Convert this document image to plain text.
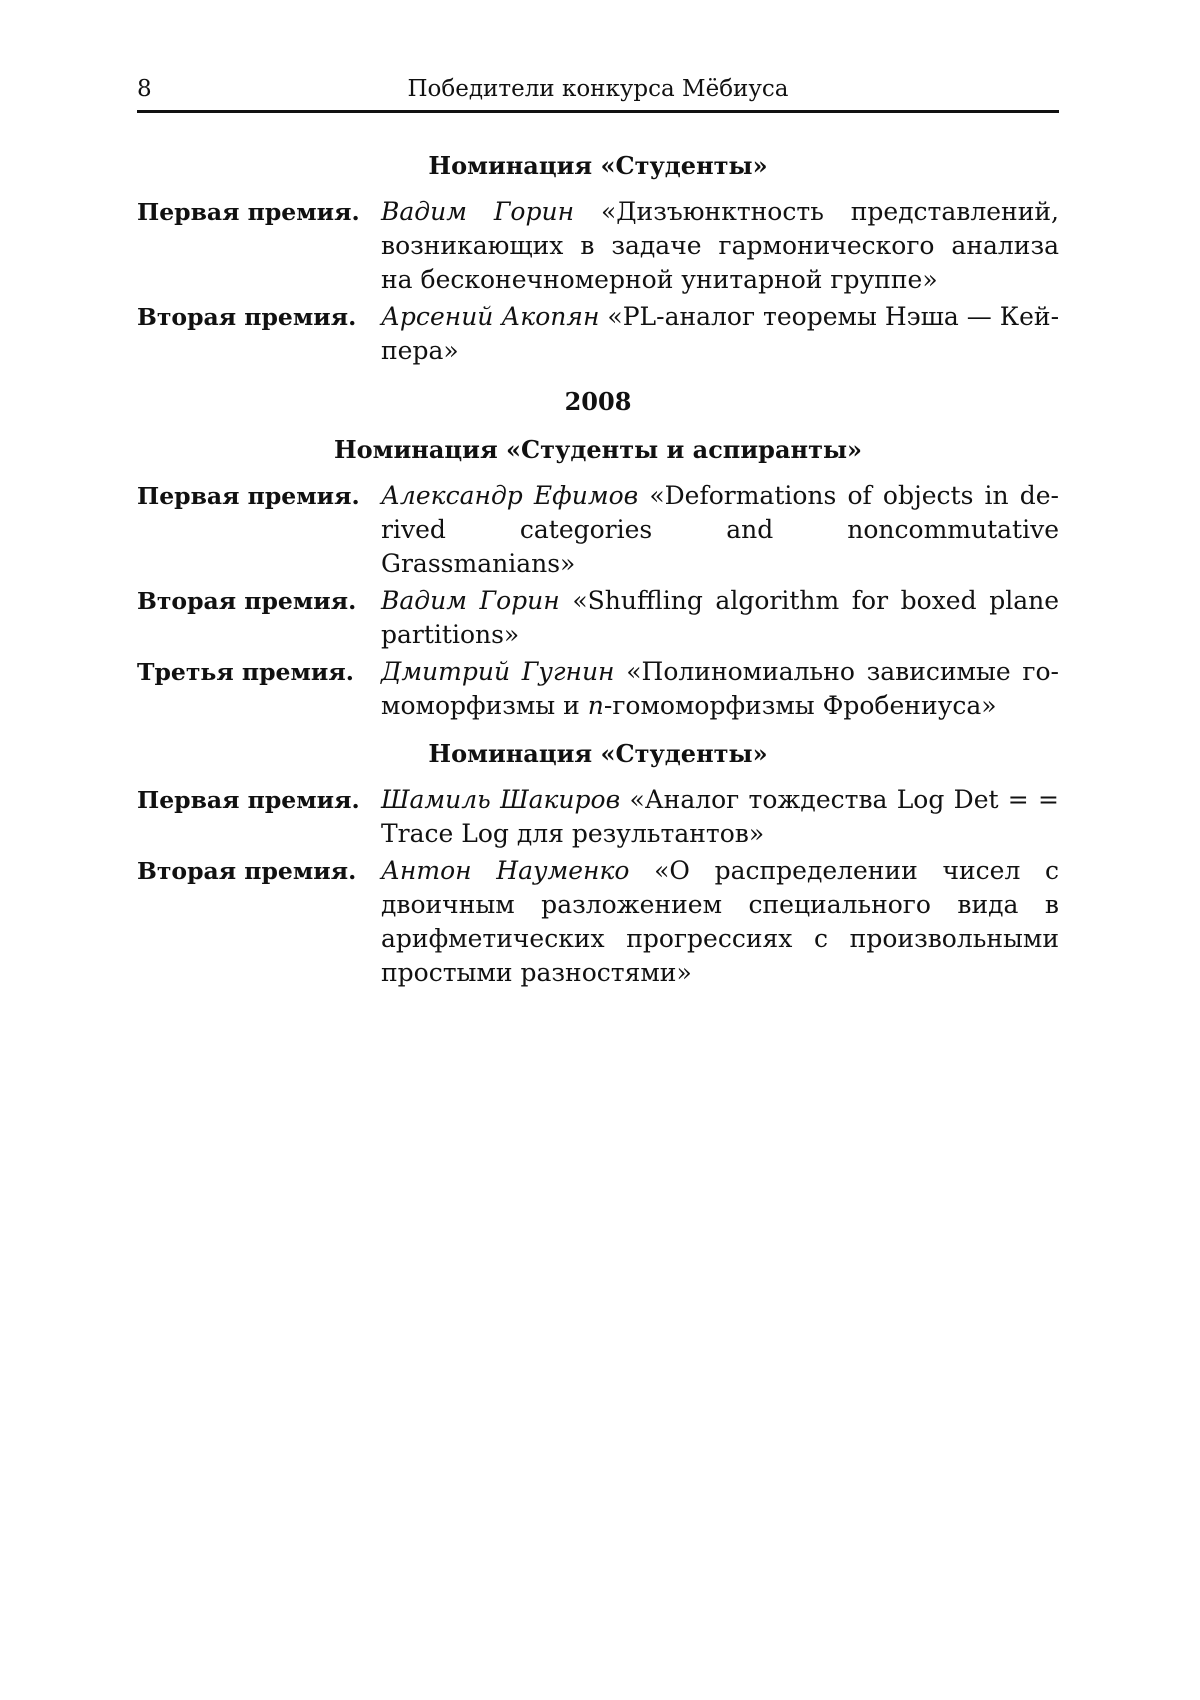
8	Победители конкурса Мёбиуса
Номинация «Студенты»
Первая премия. Вадим Горин «Дизъюнктность представлений, возникающих в задаче гармонического анализа на бесконечномерной унитарной группе»
Вторая премия. Арсений Акопян «PL-аналог теоремы Нэша — Кейпера»
2008
Номинация «Студенты и аспиранты»
Первая премия. Александр Ефимов «Deformations of objects in derived categories and noncommutative Grassmanians»
Вторая премия. Вадим Горин «Shuffling algorithm for boxed plane partitions»
Третья премия.	Дмитрий Гугнин «Полиномиально зависимые гомоморфизмы и n-гомоморфизмы Фробениуса»
Номинация «Студенты»
Первая премия. Шамиль Шакиров «Аналог тождества Log Det = = Trace Log для результантов»
Вторая премия. Антон Науменко «О распределении чисел с двоичным разложением специального вида в арифметических прогрессиях с произвольными простыми разностями»
